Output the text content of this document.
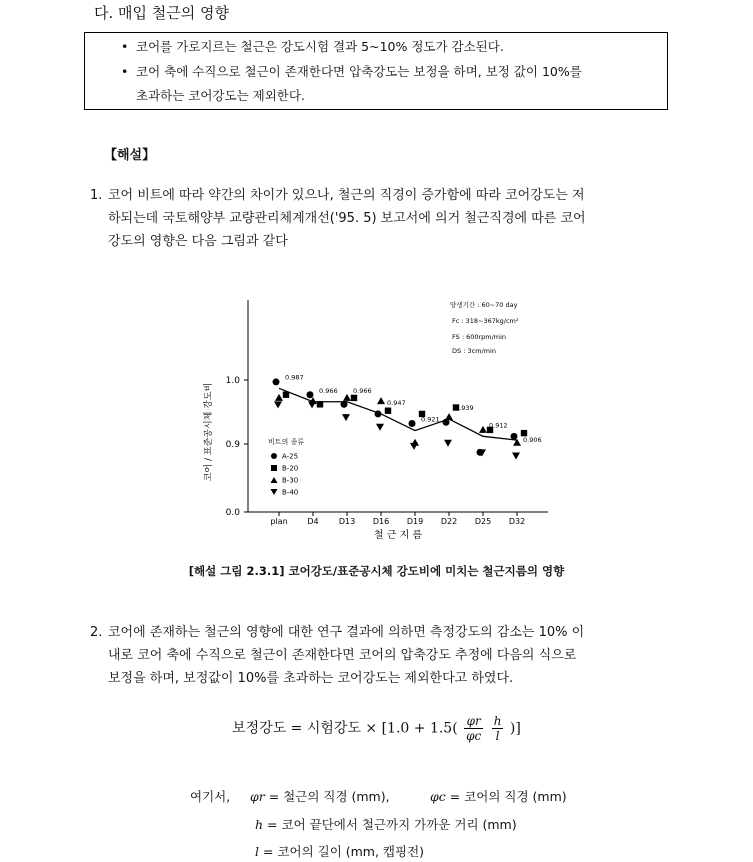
다. 매입 철근의 영향
• 코어를 가로지르는 철근은 강도시험 결과 5~10% 정도가 감소된다.
• 코어 축에 수직으로 철근이 존재한다면 압축강도는 보정을 하며, 보정 값이 10%를
초과하는 코어강도는 제외한다.
【해설】
1. 코어 비트에 따라 약간의 차이가 있으나, 철근의 직경이 증가함에 따라 코어강도는 저
하되는데 국토해양부 교량관리체계개선('95. 5) 보고서에 의거 철근직경에 따른 코어
강도의 영향은 다음 그림과 같다
0.0
0.9
1.0
plan D4	D13 D16 D19 D22 D25 D32
코어 / 표준공시체 강도비
철 근 지 름
0.987
0.966 0.966
0.947
0.921
0.939
0.912
0.906
비트의 종류
A-25
B-20
B-30
B-40
양생기간 : 60~70 day
Fc : 318~367kg/cm²
FS : 600rpm/min
DS : 3cm/min
[해설 그림 2.3.1] 코어강도/표준공시체 강도비에 미치는 철근지름의 영향
2. 코어에 존재하는 철근의 영향에 대한 연구 결과에 의하면 측정강도의 감소는 10% 이
내로 코어 축에 수직으로 철근이 존재한다면 코어의 압축강도 추정에 다음의 식으로
보정을 하며, 보정값이 10%를 초과하는 코어강도는 제외한다고 하였다.
보정강도 = 시험강도 × [$1.0 + 1.5( \frac{\varphi r}{\varphi c}$
$\frac{h}{l}$ )]
여기서, φr = 철근의 직경 (mm),	φc = 코어의 직경 (mm)
h = 코어 끝단에서 철근까지 가까운 거리 (mm)
l = 코어의 길이 (mm, 캡핑전)
